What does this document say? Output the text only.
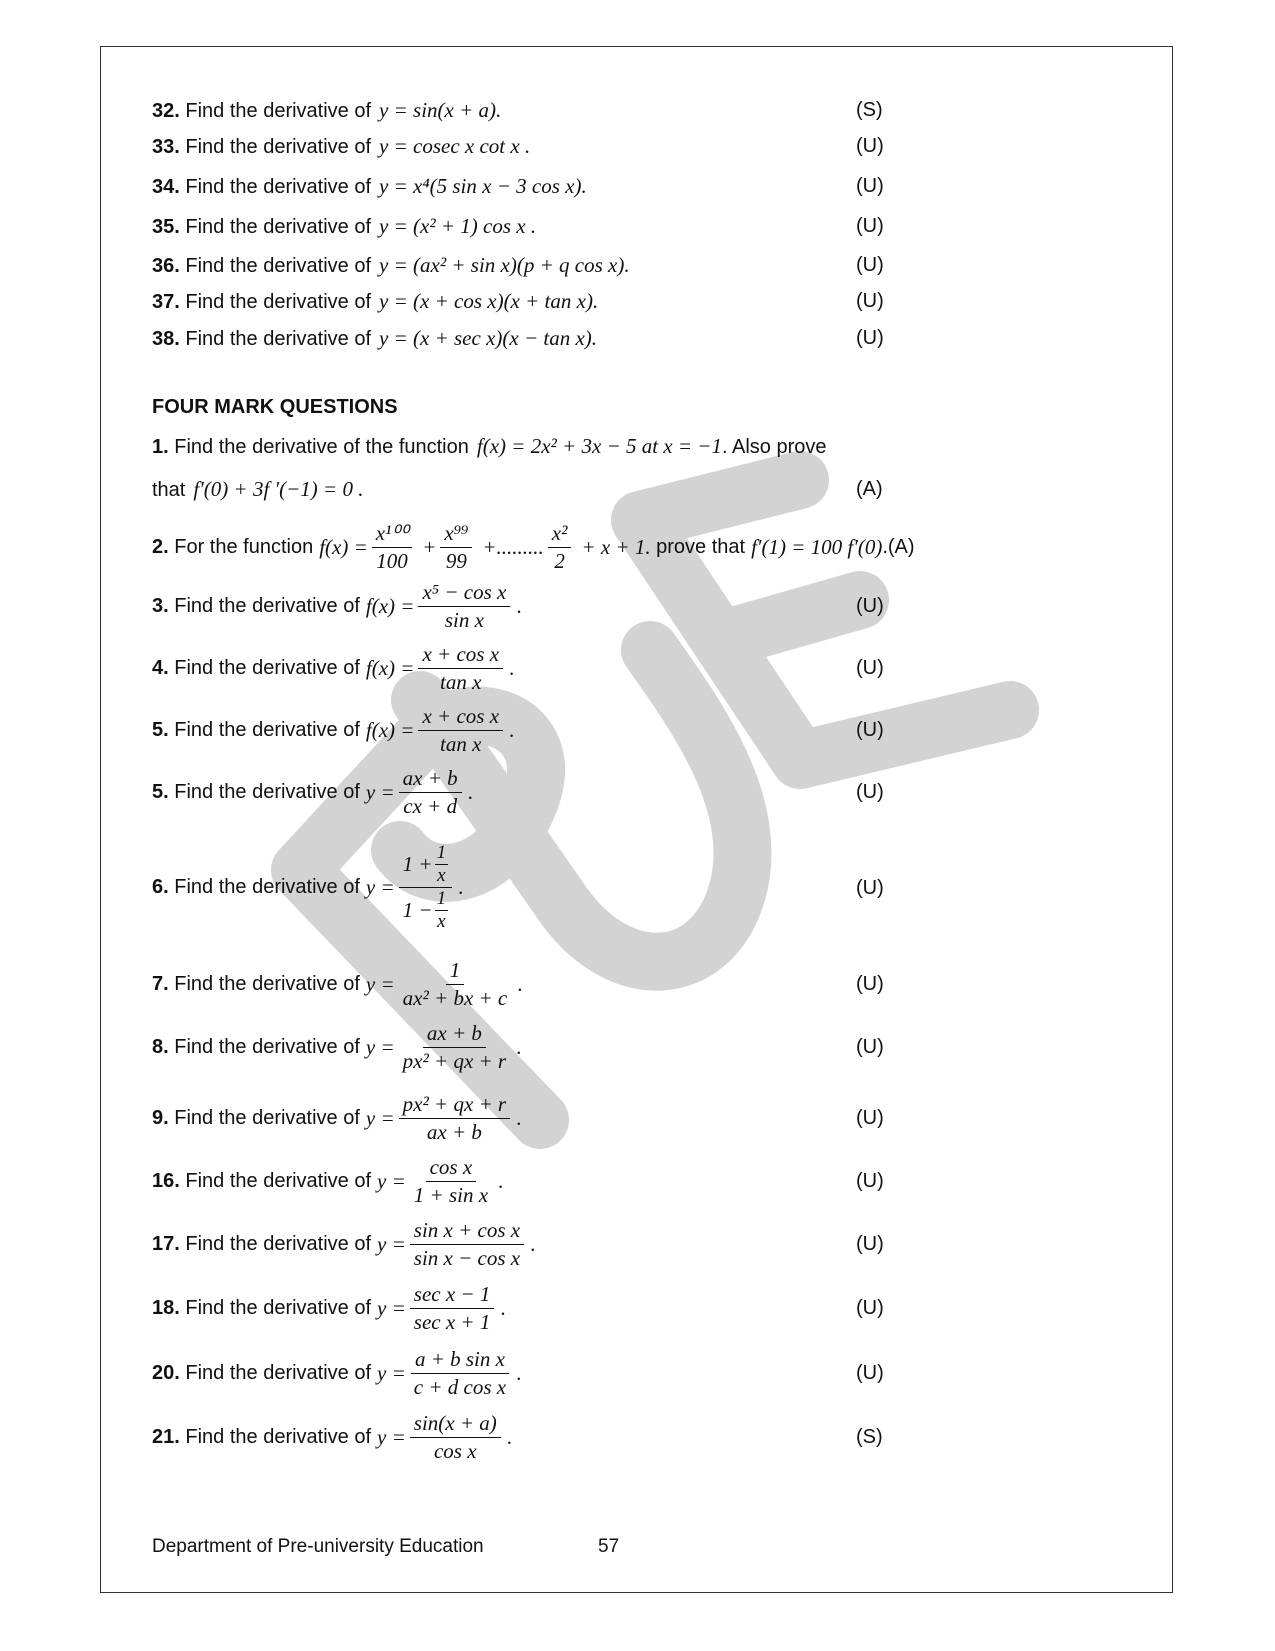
32. Find the derivative of y = sin(x + a).	(S)
33. Find the derivative of y = cosec x cot x .	(U)
34. Find the derivative of y = x⁴(5 sin x − 3 cos x).	(U)
35. Find the derivative of y = (x² + 1) cos x .	(U)
36. Find the derivative of y = (ax² + sin x)(p + q cos x).	(U)
37. Find the derivative of y = (x + cos x)(x + tan x).	(U)
38. Find the derivative of y = (x + sec x)(x − tan x).	(U)
FOUR MARK QUESTIONS
1. Find the derivative of the function f(x) = 2x² + 3x − 5 at x = −1. Also prove
that f′(0) + 3f ′(−1) = 0 .	(A)
2. For the function $f(x) = \frac{\text{x¹⁰⁰}}{100} + \frac{\text{x⁹⁹}}{99}$ +......... $\frac{\text{x²}}{2} + x + 1$. prove that f′(1) = 100 f′(0) .(A)
3. Find the derivative of $f(x) = \frac{\text{x⁵ − cos x}}{\text{sin x}}$ .	(U)
4. Find the derivative of $f(x) = \frac{\text{x + cos x}}{\text{tan x}}$ .	(U)
5. Find the derivative of $f(x) = \frac{\text{x + cos x}}{\text{tan x}}$ .	(U)
5. Find the derivative of $y = \frac{ax + b}{cx + d}$ .	(U)
6. Find the derivative of $y = \frac{1 + \frac{1}{x}}{1 - \frac{1}{x}}$ .	(U)
7. Find the derivative of $y = \frac{1}{\text{ax² + bx + c}}$ .	(U)
8. Find the derivative of $y = \frac{ax + b}{\text{px² + qx + r}}$ .	(U)
9. Find the derivative of $y = \frac{\text{px² + qx + r}}{ax + b}$ .	(U)
16. Find the derivative of $y = \frac{\text{cos x}}{\text{1 + sin x}}$ .	(U)
17. Find the derivative of $y = \frac{\text{sin x + cos x}}{\text{sin x − cos x}}$ .	(U)
18. Find the derivative of $y = \frac{\text{sec x − 1}}{\text{sec x + 1}}$ .	(U)
20. Find the derivative of $y = \frac{\text{a + b sin x}}{\text{c + d cos x}}$ .	(U)
21. Find the derivative of $y = \frac{\sin(x + a)}{\text{cos x}}$ .	(S)
Department of Pre-university Education	57
